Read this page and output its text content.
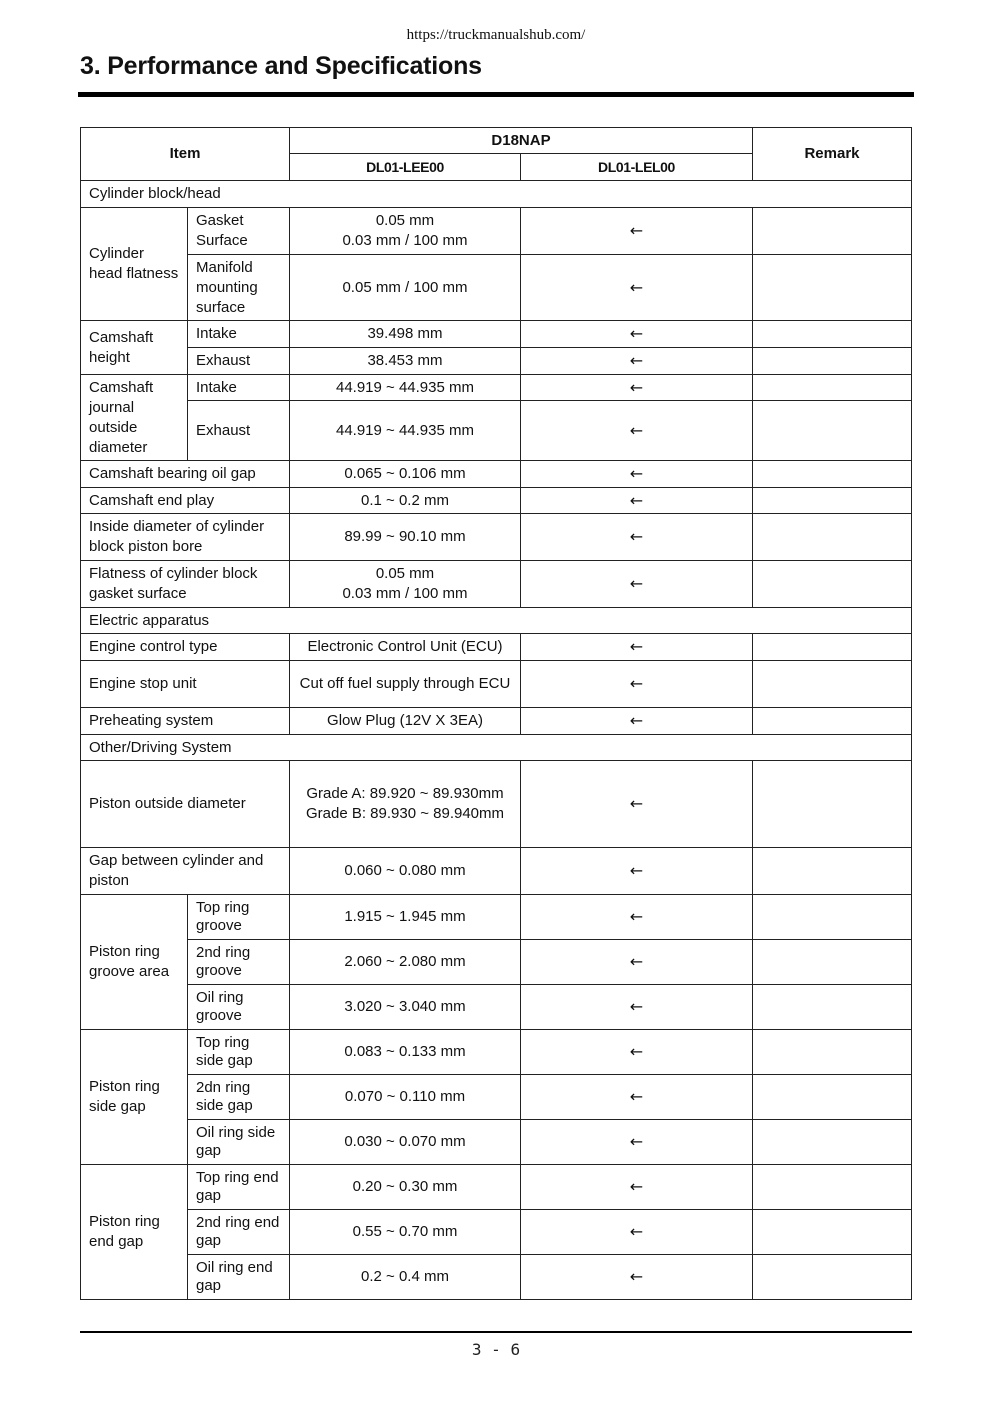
https://truckmanualshub.com/
3. Performance and Specifications
Item		D18NAP		Remark
		DL01-LEE00	DL01-LEL00	
Cylinder block/head				
Cylinder head flatness	Gasket Surface	0.05 mm
0.03 mm / 100 mm	←	
	Manifold mounting surface	0.05 mm / 100 mm	←	
Camshaft height	Intake	39.498 mm	←	
	Exhaust	38.453 mm	←	
Camshaft journal outside diameter	Intake	44.919 ~ 44.935 mm	←	
	Exhaust	44.919 ~ 44.935 mm	←	
Camshaft bearing oil gap		0.065 ~ 0.106 mm	←	
Camshaft end play		0.1 ~ 0.2 mm	←	
Inside diameter of cylinder block piston bore		89.99 ~ 90.10 mm	←	
Flatness of cylinder block gasket surface		0.05 mm
0.03 mm / 100 mm	←	
Electric apparatus				
Engine control type		Electronic Control Unit (ECU)	←	
Engine stop unit		Cut off fuel supply through ECU	←	
Preheating system		Glow Plug (12V X 3EA)	←	
Other/Driving System				
Piston outside diameter		Grade A: 89.920 ~ 89.930mm
Grade B: 89.930 ~ 89.940mm	←	
Gap between cylinder and piston		0.060 ~ 0.080 mm	←	
Piston ring groove area	Top ring groove	1.915 ~ 1.945 mm	←	
	2nd ring groove	2.060 ~ 2.080 mm	←	
	Oil ring groove	3.020 ~ 3.040 mm	←	
Piston ring side gap	Top ring side gap	0.083 ~ 0.133 mm	←	
	2dn ring side gap	0.070 ~ 0.110 mm	←	
	Oil ring side gap	0.030 ~ 0.070 mm	←	
Piston ring end gap	Top ring end gap	0.20 ~ 0.30 mm	←	
	2nd ring end gap	0.55 ~ 0.70 mm	←	
	Oil ring end gap	0.2 ~ 0.4 mm	←	
3 - 6
